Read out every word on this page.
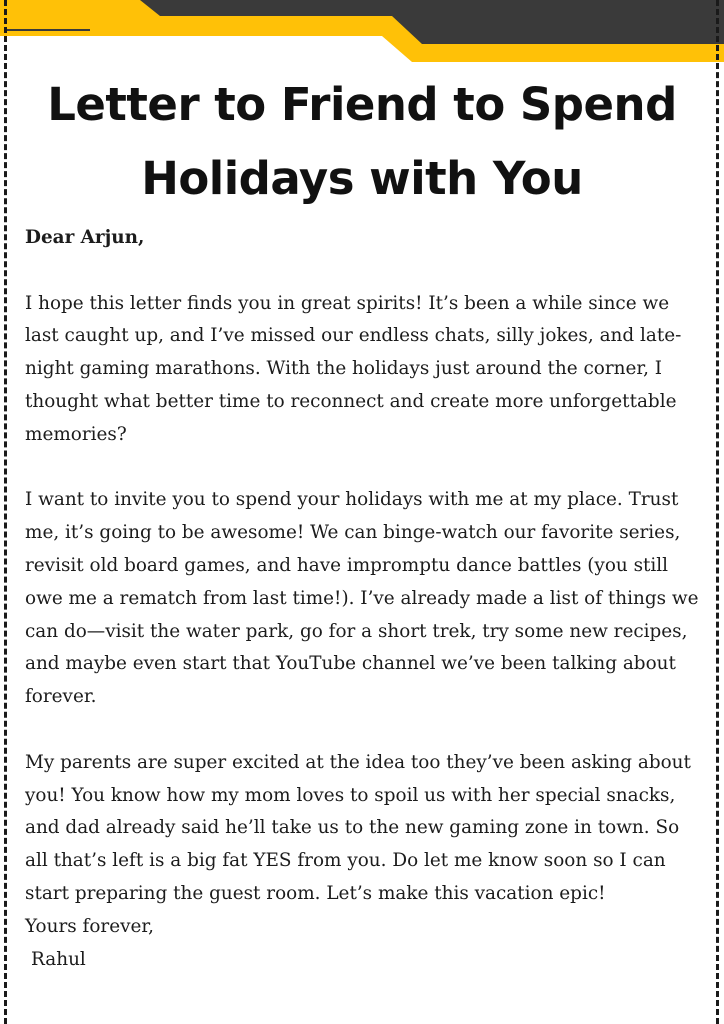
Letter to Friend to Spend Holidays with You

Dear Arjun,

I hope this letter finds you in great spirits! It’s been a while since we last caught up, and I’ve missed our endless chats, silly jokes, and late-night gaming marathons. With the holidays just around the corner, I thought what better time to reconnect and create more unforgettable memories?

I want to invite you to spend your holidays with me at my place. Trust me, it’s going to be awesome! We can binge-watch our favorite series, revisit old board games, and have impromptu dance battles (you still owe me a rematch from last time!). I’ve already made a list of things we can do—visit the water park, go for a short trek, try some new recipes, and maybe even start that YouTube channel we’ve been talking about forever.

My parents are super excited at the idea too they’ve been asking about you! You know how my mom loves to spoil us with her special snacks, and dad already said he’ll take us to the new gaming zone in town. So all that’s left is a big fat YES from you. Do let me know soon so I can start preparing the guest room. Let’s make this vacation epic!

Yours forever,

Rahul
